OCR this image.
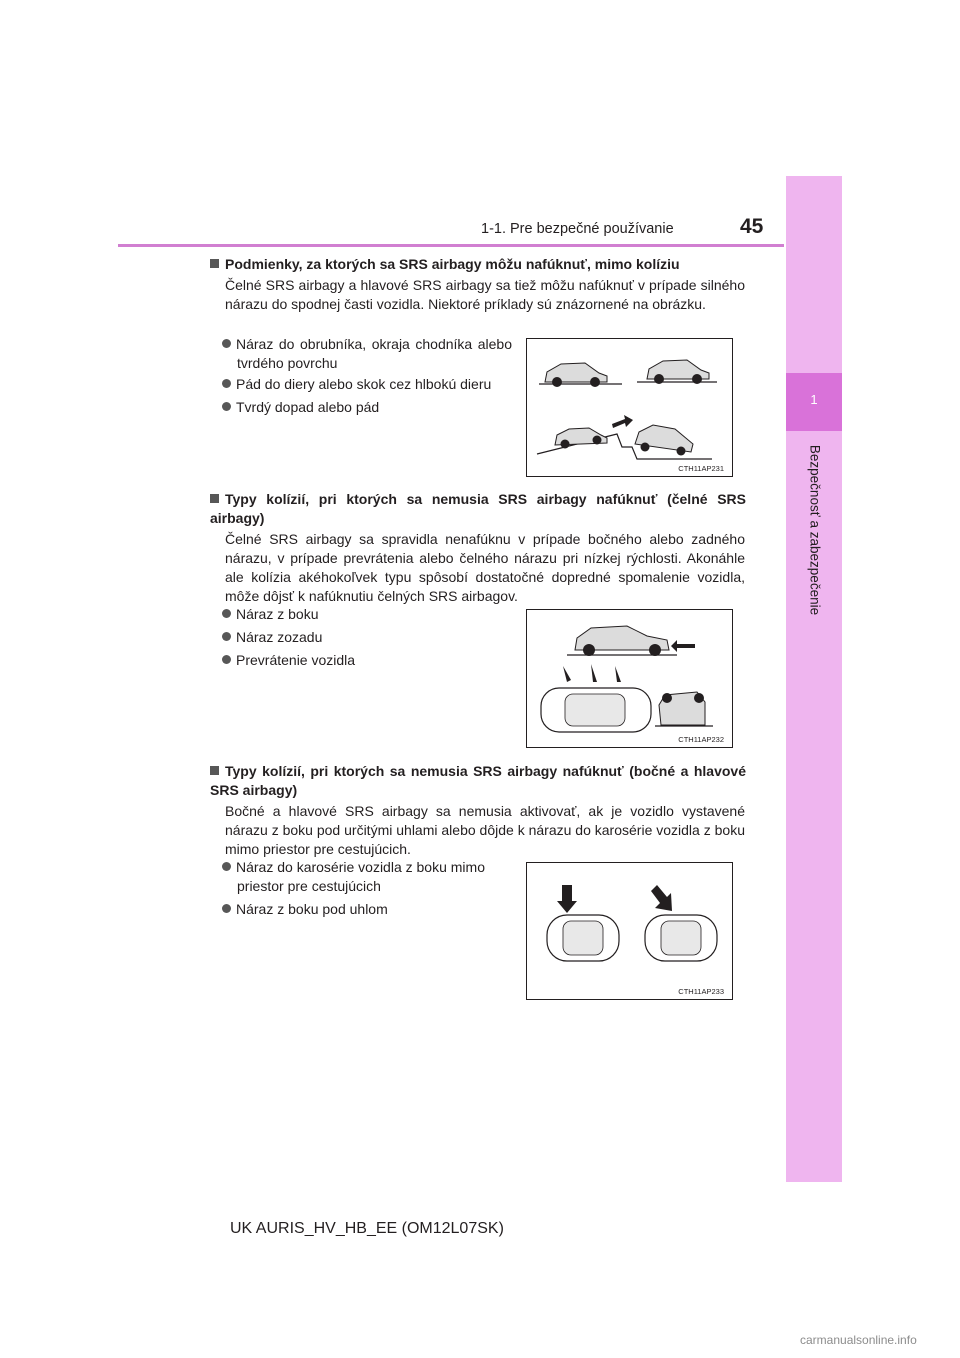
1
Bezpečnosť a zabezpečenie
1-1. Pre bezpečné používanie	45
Podmienky, za ktorých sa SRS airbagy môžu nafúknuť, mimo kolíziu
Čelné SRS airbagy a hlavové SRS airbagy sa tiež môžu nafúknuť v prípade silného nárazu do spodnej časti vozidla. Niektoré príklady sú znázornené na obrázku.
Náraz do obrubníka, okraja chodníka alebo tvrdého povrchu
Pád do diery alebo skok cez hlbokú dieru
Tvrdý dopad alebo pád
CTH11AP231
Typy kolízií, pri ktorých sa nemusia SRS airbagy nafúknuť (čelné SRS airbagy)
Čelné SRS airbagy sa spravidla nenafúknu v prípade bočného alebo zadného nárazu, v prípade prevrátenia alebo čelného nárazu pri nízkej rýchlosti. Akonáhle ale kolízia akéhokoľvek typu spôsobí dostatočné dopredné spomalenie vozidla, môže dôjsť k nafúknutiu čelných SRS airbagov.
Náraz z boku
Náraz zozadu
Prevrátenie vozidla
CTH11AP232
Typy kolízií, pri ktorých sa nemusia SRS airbagy nafúknuť (bočné a hlavové SRS airbagy)
Bočné a hlavové SRS airbagy sa nemusia aktivovať, ak je vozidlo vystavené nárazu z boku pod určitými uhlami alebo dôjde k nárazu do karosérie vozidla z boku mimo priestor pre cestujúcich.
Náraz do karosérie vozidla z boku mimo priestor pre cestujúcich
Náraz z boku pod uhlom
CTH11AP233
UK AURIS_HV_HB_EE (OM12L07SK)
carmanualsonline.info
